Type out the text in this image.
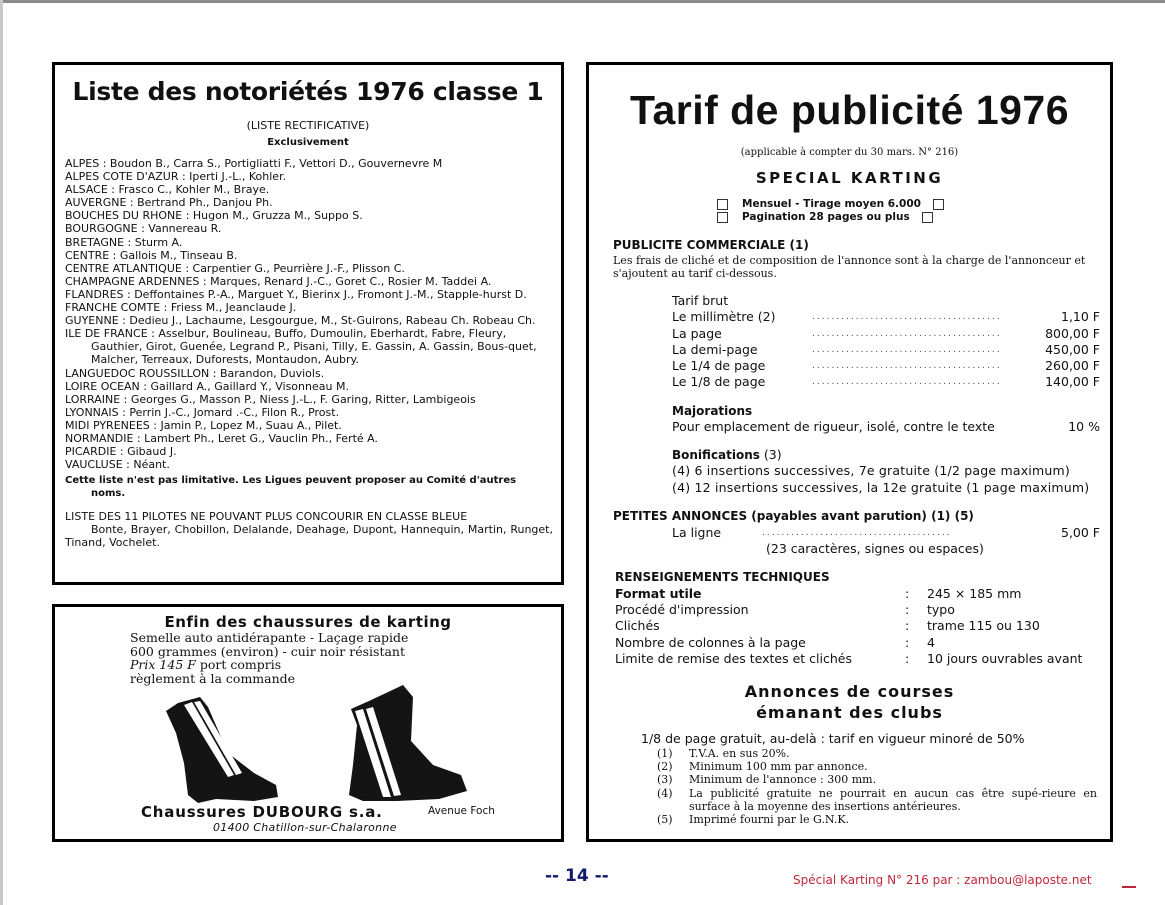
Liste des notoriétés 1976 classe 1
(LISTE RECTIFICATIVE)
Exclusivement

ALPES : Boudon B., Carra S., Portigliatti F., Vettori D., Gouvernevre M

ALPES COTE D'AZUR : Iperti J.-L., Kohler.

ALSACE : Frasco C., Kohler M., Braye.

AUVERGNE : Bertrand Ph., Danjou Ph.

BOUCHES DU RHONE : Hugon M., Gruzza M., Suppo S.

BOURGOGNE : Vannereau R.

BRETAGNE : Sturm A.

CENTRE : Gallois M., Tinseau B.

CENTRE ATLANTIQUE : Carpentier G., Peurrière J.-F., Plisson C.

CHAMPAGNE ARDENNES : Marques, Renard J.-C., Goret C., Rosier M. Taddei A.

FLANDRES : Deffontaines P.-A., Marguet Y., Bierinx J., Fromont J.-M., Stapple-hurst D.

FRANCHE COMTE : Friess M., Jeanclaude J.

GUYENNE : Dedieu J., Lachaume, Lesgourgue, M., St-Guirons, Rabeau Ch. Robeau Ch.

ILE DE FRANCE : Asselbur, Boulineau, Buffo, Dumoulin, Eberhardt, Fabre, Fleury, Gauthier, Girot, Guenée, Legrand P., Pisani, Tilly, E. Gassin, A. Gassin, Bous-quet, Malcher, Terreaux, Duforests, Montaudon, Aubry.

LANGUEDOC ROUSSILLON : Barandon, Duviols.

LOIRE OCEAN : Gaillard A., Gaillard Y., Visonneau M.

LORRAINE : Georges G., Masson P., Niess J.-L., F. Garing, Ritter, Lambigeois

LYONNAIS : Perrin J.-C., Jomard .-C., Filon R., Prost.

MIDI PYRENEES : Jamin P., Lopez M., Suau A., Pilet.

NORMANDIE : Lambert Ph., Leret G., Vauclin Ph., Ferté A.

PICARDIE : Gibaud J.

VAUCLUSE : Néant.

Cette liste n'est pas limitative. Les Ligues peuvent proposer au Comité d'autres noms.

LISTE DES 11 PILOTES NE POUVANT PLUS CONCOURIR EN CLASSE BLEUE
Bonte, Brayer, Chobillon, Delalande, Deahage, Dupont, Hannequin, Martin, Runget, Tinand, Vochelet.
Enfin des chaussures de karting
Semelle auto antidérapante - Laçage rapide
600 grammes (environ) - cuir noir résistant
Prix 145 F port compris
règlement à la commande
Chaussures DUBOURG s.a.	Avenue Foch
01400 Chatillon-sur-Chalaronne
Tarif de publicité 1976
(applicable à compter du 30 mars. N° 216)
SPECIAL KARTING
Mensuel - Tirage moyen 6.000
Pagination 28 pages ou plus
PUBLICITE COMMERCIALE (1)
Les frais de cliché et de composition de l'annonce sont à la charge de l'annonceur et s'ajoutent au tarif ci-dessous.
Tarif brut
Le millimètre (2)	.......................................	1,10 F
La page	.......................................	800,00 F
La demi-page	.......................................	450,00 F
Le 1/4 de page	.......................................	260,00 F
Le 1/8 de page	.......................................	140,00 F
Majorations
Pour emplacement de rigueur, isolé, contre le texte	10 %
Bonifications (3)
(4) 6 insertions successives, 7e gratuite (1/2 page maximum)
(4) 12 insertions successives, la 12e gratuite (1 page maximum)
PETITES ANNONCES (payables avant parution) (1) (5)
La ligne	.......................................	5,00 F
(23 caractères, signes ou espaces)
RENSEIGNEMENTS TECHNIQUES
Format utile	:	245 × 185 mm
Procédé d'impression	:	typo
Clichés	:	trame 115 ou 130
Nombre de colonnes à la page	:	4
Limite de remise des textes et clichés	:	10 jours ouvrables avant
Annonces de courses
émanant des clubs
1/8 de page gratuit, au-delà : tarif en vigueur minoré de 50%
(1)	T.V.A. en sus 20%.
(2)	Minimum 100 mm par annonce.
(3)	Minimum de l'annonce : 300 mm.
(4)	La publicité gratuite ne pourrait en aucun cas être supé-rieure en surface à la moyenne des insertions antérieures.
(5)	Imprimé fourni par le G.N.K.
-- 14 --	Spécial Karting N° 216 par : zambou@laposte.net
